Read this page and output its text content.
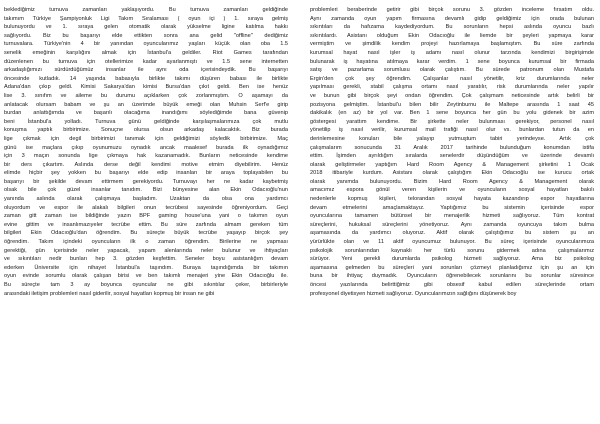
beklediğimiz turnuva zamanları yaklaşıyordu. Bu turnuva zamanları geldiğinde
takımım Türkiye Şampiyonluk Ligi Takım Sıralaması ( oyun içi ) 1. sıraya gelmiş
bulunuyordu ve 1. sıraya gelen otomatik olarak yükselme ligine katılma hakkı
sağlıyordu. Biz bu başarıyı elde ettikten sonra ana gelid "offline" dediğimiz
turnuvalara. Türkiye'nin 4 bir yanından oyuncularımız yaşları küçük olan oba 1.5
senelik emeğinin karşılığını almak için İstanbul'a geldiler. Riot Games tarafından
düzenlenen bu turnuva için otellerimize kadar ayarlanmıştı ve 1.5 sene internetten
arkadaşlığımızı sürdürdüğümüz insanlar ile aynı oda içerisindeydik. Bu başarıyı
öncesinde kutladık. 14 yaşında babasıyla birlikte takımı düşüren babası ile birlikte
Adana'dan çıkıp geldi. Kimisi Sakarya'dan kimisi Bursa'dan çıkıt geldi. Ben ise henüz
lise 3. sınıfım ve aileme bu durumu açıklarken çok zorlanmıştım. O aşamayı da
anlatacak olursam babam ve şu an üzerimde büyük emeği olan Muhsin Serf'e girip
burdan anlattığımda ve başarılı olacağıma inandığımı söylediğimde bana güvenip
beni İstanbul'a yolladı. Turnuva günü geldiğinde karşılaşmalarımıza çok mutlu
konuşma yaptık birbirimize. Sonuçne olursa olsun arkadaş kalacaktık. Biz burada
lige çıkmak için degil birbirimizi tanımak için geldiğimizi söyledik birbirimize. Maç
günü ise maçlara çıkıp oyunumuzu oynadık ancak maalesef burada ilk oynadığımız
için 3 maçın sonunda lige çıkmaya hak kazanamadık. Bunların neticesinde kendime
bir ders çıkartım. Aslında derse değil kendimi motive etmim diyebilirim. Henüz
elimde hiçbir şey yokken bu başarıyı elde edip insanları bir araya toplayabilen bu
başarıyı bir şekilde devam ettirmem gerekiyordu. Turnuvayı her ne kadar kaybetmiş
olsak bile çok güzel insanlar tanıdım. Bizi bünyesine alan Ekin Odacıoğlu'nun
yanında aslında olarak çalışmaya başladım. Uzaktan da olsa ona yardımcı
oluyordum ve espor ile alakalı bilgileri onun tecrübesi sayesinde öğreniyordum. Geçi
zaman gitt zaman ise bildiğinde yazın BPF gaming house'una yani o takımın oyun
evine gittim ve insanlımazıyeler tecrübe ettim. Bu süre zarfında almam gereken tüm
bilgileri Ekin Odacıoğlu'dan öğrendim. Bu süreçte büyük tecrübe yaşayıp birçok şey
öğrendim. Takım içindeki oyuncuların ilk o zaman öğrendim. Birilerine ne yapması
gerektiği, gün içerisinde neler yapacak, yapam alenlarında neler bulunur ve ihtiyaçları
ve sıkıntıları nedir bunları hep 3. gözden keşfettim. Seneler boyu asistanlığım devam
ederken Üniversite için nihayet İstanbul'a taşındım. Buraya taşındığımda bir takımın
oyun evinde sorumlu olarak çalışan birisi ve ben takımlı menajeri yine Ekin Odacıoğlu ile.
Bu süreçte tam 3 ay boyunca oyuncular ne gibi sıkıntılar çeker, birbirleriyle
arasındaki iletişim problemleri nasıl giderilir, sosyal hayatları kopmuş bir insan ne gibi
problemleri beraberinde getirir gibi birçok sorunu 3. gözden inceleme fırsatım oldu.
Aynı zamanda oyun yapım firmasına devamlı gidip geldiğimiz için orada bulunan
sıkıntıları da hafızama kaydediyordum. Bu sorunların hepsi aslında oyuncu bazlı
sıkıntılardı. Asistanı olduğum Ekin Odacıoğlu ile liemde bir şeyleri yapmaya karar
vermiştim ve şimdilik kendim projeyi hazırlamaya başlamıştım. Bu süre zarfında
kurumsal hayat nasıl işler iş adamı nasıl olunur tarzında kendimizi birgirişimde
bulunarak iş hayatına atılmaya karar verdim. 1 sene boyunca kurumsal bir firmada
satış ve pazarlama sorumlusu olarak çalıştım. Bu sürede patronum olan Mustafa
Ergin'den çok şey öğrendim. Çalışanlar nasıl yönetilir, kriz durumlarında neler
yapılması gerekli, stabil çalışma ortamı nasıl yaratılır, risk durumlarında neler yapılır
ve bunun gibi birçok şeyi ondan öğrendim. Çok çalışmam neticesinde artık belirli bir
pozisyona gelmiştim. İstanbul'u bilen bilir Zeytinburnu ile Maltepe arasında 1 saat 45
dakikalık (en az) bir yol var. Ben 1 sene boyunca her gün bu yolu gidenek bir azim
göstergesi yarattım kendime. Bir şirkette neler bulunması gerekiyor, personel nasıl
yönetilip iş nasıl verilir, kurumsal mail trafiği nasıl olur vs. bunlardan tutun da en
derinlemesine konuları bile yalayıp yutmuştum tabiri yerindeyse. Artık çok
çalışmalarım sonucunda 31 Aralık 2017 tarihinde bulunduğum konumdan istifa
ettim. İşimden ayrıldığım sıralarda senelerdir düşündüğüm ve üzerinde devamlı
olarak geliştirmeler yaptığım Hard Room Agency & Management şirketini 1 Ocak
2018 itibariyle kurdum. Asistanı olarak çalıştığım Ekin Odacıoğlu ise kurucu ortak
olarak yanımda bulunuyordu. Bizim Hard Room Agency & Management olarak
amacımız espora gönül veren kişilerin ve oyuncuların sosyal hayatları bakılı
nedenlerle kopmuş kişileri, telorandan sosyal hayata kazandırıp espor hayatlarına
devam etmelerini amaçlamaktayız. Yaptığımız bu sistemin içerisinde espor
oyuncularına tamamen bütünsel bir menajerlik hizmeti sağlıyoruz. Tüm kontrat
süreçlerini, hukuksal süreçlerini yönetiyoruz. Aynı zamanda oyuncuya takım bulma
aşamasında da yardımcı oluyoruz. Aktif olarak çalıştığımız bu sistem şu an
yürürlükte olan ve 11 aktif oyuncumuz bulunuyor. Bu süreç içerisinde oyuncularımıza
psikolojik sorunlarından kaynaklı her türlü sorunu gidermek adına çalışmalarımız
sürüyor. Yeni gerekli durumlarda psikolog hizmeti sağlıyoruz. Ama biz psikolog
aşamasına gelmeden bu süreçleri yani sorunları çözmeyi planladığımız için şu an için
buna bir ihtiyaç duymadık. Oyuncuların öğrenebilecek sorunlarını bu sorunlar süresince
öncesi yazılarında belirttiğimiz gibi obsesif kabul edilen süreçlerinde ortam
profesyonel diyetisyen hizmeti sağlıyoruz. Oyuncularımızın sağlığını düşünerek boy
